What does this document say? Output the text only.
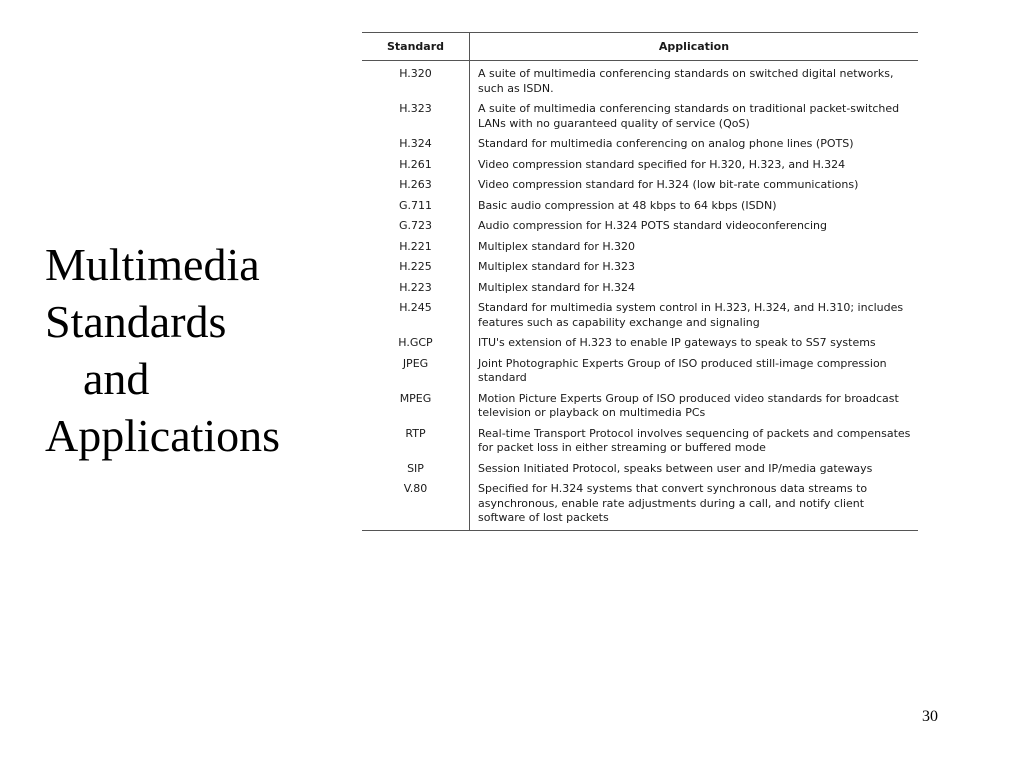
Multimedia
Standards
and
Applications
Standard	Application
H.320	A suite of multimedia conferencing standards on switched digital networks, such as ISDN.
H.323	A suite of multimedia conferencing standards on traditional packet-switched LANs with no guaranteed quality of service (QoS)
H.324	Standard for multimedia conferencing on analog phone lines (POTS)
H.261	Video compression standard specified for H.320, H.323, and H.324
H.263	Video compression standard for H.324 (low bit-rate communications)
G.711	Basic audio compression at 48 kbps to 64 kbps (ISDN)
G.723	Audio compression for H.324 POTS standard videoconferencing
H.221	Multiplex standard for H.320
H.225	Multiplex standard for H.323
H.223	Multiplex standard for H.324
H.245	Standard for multimedia system control in H.323, H.324, and H.310; includes features such as capability exchange and signaling
H.GCP	ITU's extension of H.323 to enable IP gateways to speak to SS7 systems
JPEG	Joint Photographic Experts Group of ISO produced still-image compression standard
MPEG	Motion Picture Experts Group of ISO produced video standards for broadcast television or playback on multimedia PCs
RTP	Real-time Transport Protocol involves sequencing of packets and compensates for packet loss in either streaming or buffered mode
SIP	Session Initiated Protocol, speaks between user and IP/media gateways
V.80	Specified for H.324 systems that convert synchronous data streams to asynchronous, enable rate adjustments during a call, and notify client software of lost packets

30
